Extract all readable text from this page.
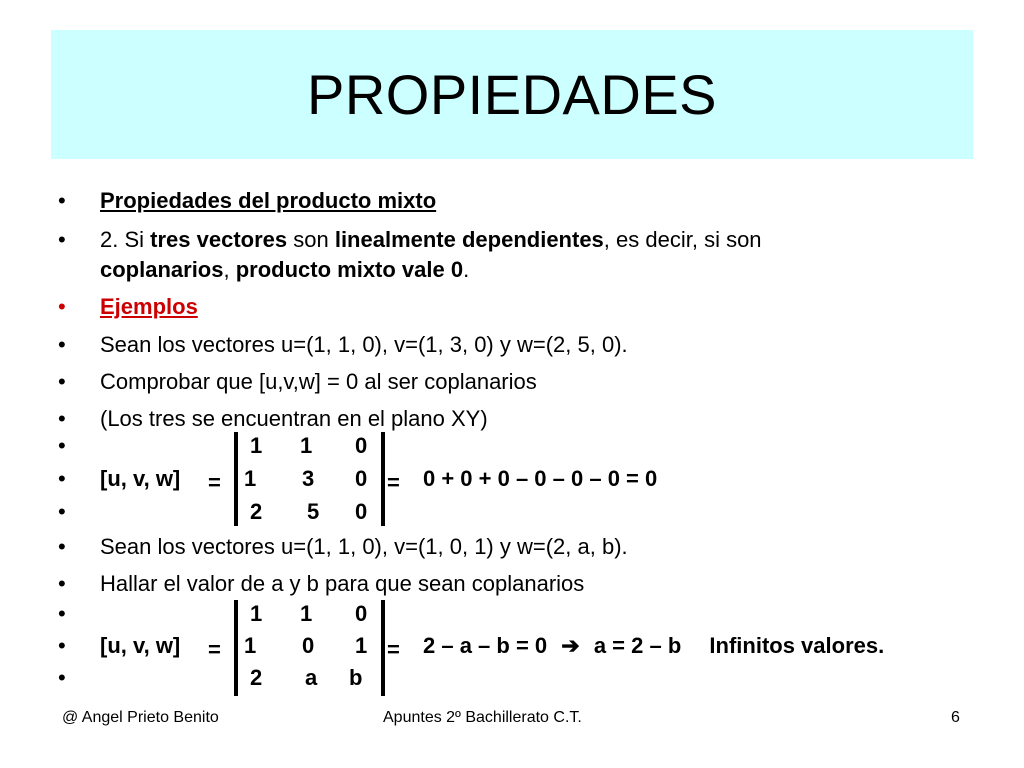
PROPIEDADES
• Propiedades del producto mixto
• 2. Si tres vectores son linealmente dependientes, es decir, si son
coplanarios, producto mixto vale 0.
• Ejemplos
• Sean los vectores u=(1, 1, 0), v=(1, 3, 0) y w=(2, 5, 0).
• Comprobar que [u,v,w] = 0 al ser coplanarios
• (Los tres se encuentran en el plano XY)
•
•
•
[u, v, w] =	=
1 1 0
1 3 0
2 5 0
0 + 0 + 0 – 0 – 0 – 0 = 0
• Sean los vectores u=(1, 1, 0), v=(1, 0, 1) y w=(2, a, b).
• Hallar el valor de a y b para que sean coplanarios
•
•
•
[u, v, w] =	=
1 1 0
1 0 1
2 a b
2 – a – b = 0 ➔ a = 2 – b Infinitos valores.
@ Angel Prieto Benito	Apuntes 2º Bachillerato C.T.	6
